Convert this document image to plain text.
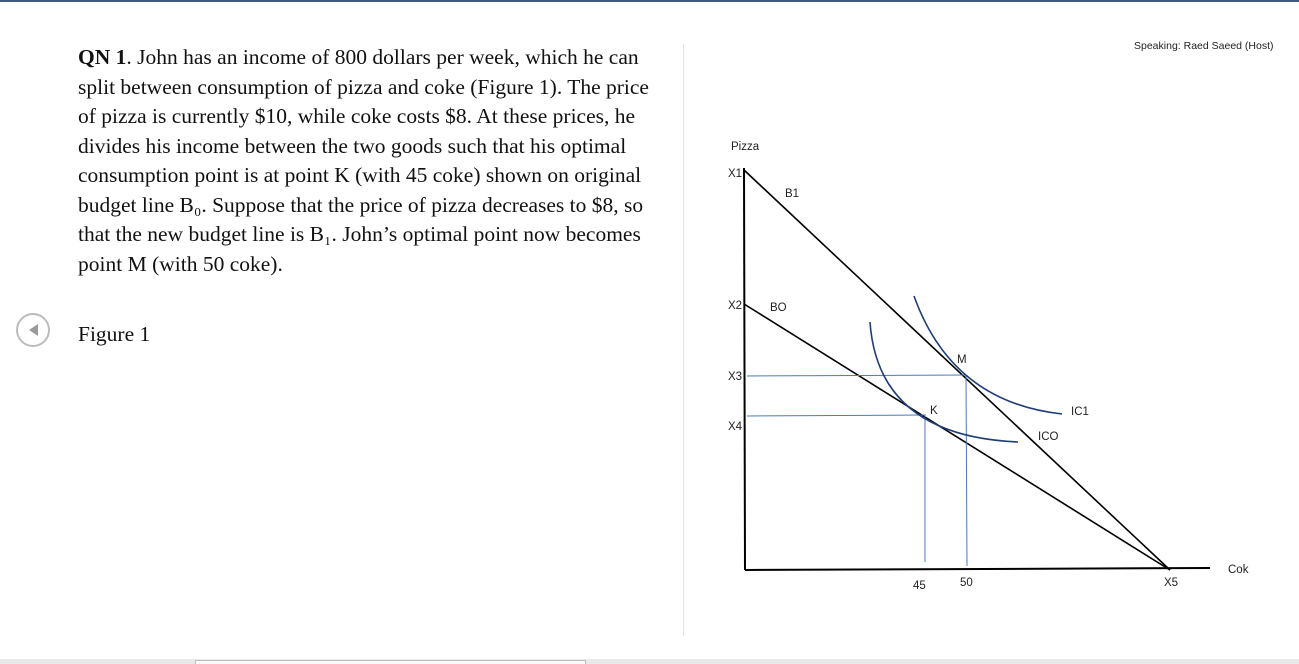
Speaking: Raed Saeed (Host)

QN 1. John has an income of 800 dollars per week, which he can split between consumption of pizza and coke (Figure 1). The price of pizza is currently $10, while coke costs $8. At these prices, he divides his income between the two goods such that his optimal consumption point is at point K (with 45 coke) shown on original budget line B₀. Suppose that the price of pizza decreases to $8, so that the new budget line is B₁. John’s optimal point now becomes point M (with 50 coke).

Figure 1

Pizza
X1
X2
X3
X4
B1
BO
M
K	IC1
ICO
45	50	X5
Cok
